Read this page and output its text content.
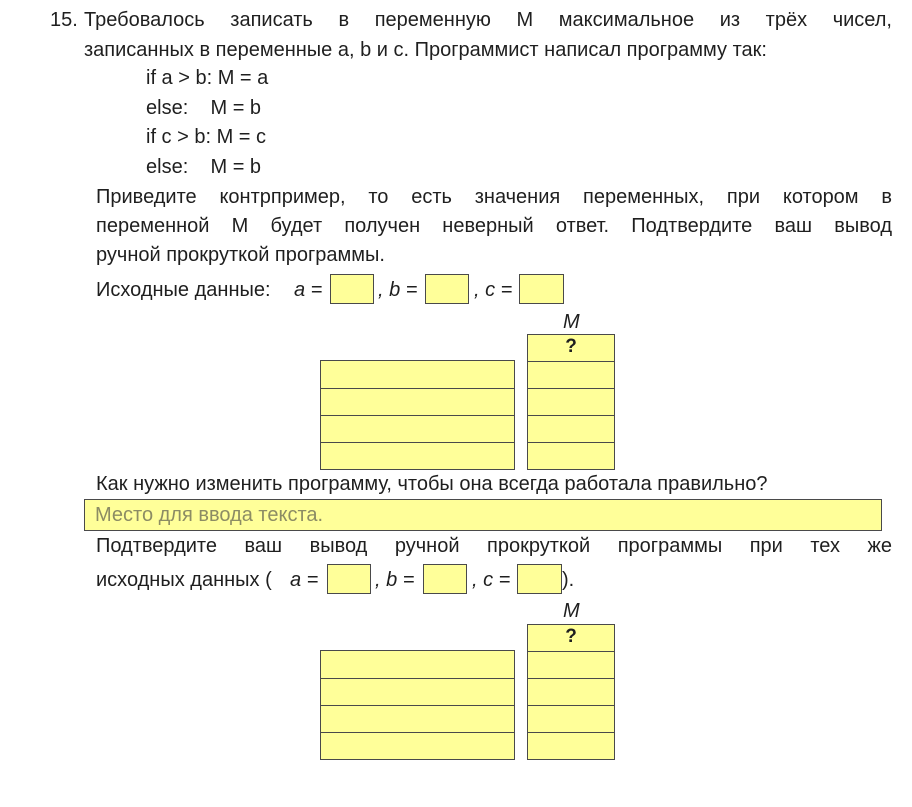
15. Требовалось записать в переменную M максимальное из трёх чисел,
записанных в переменные a, b и c. Программист написал программу так:
if a > b: M = a
else:    M = b
if c > b: M = c
else:    M = b
Приведите контрпример, то есть значения переменных, при котором в
переменной M будет получен неверный ответ. Подтвердите ваш вывод
ручной прокруткой программы.
Исходные данные: a =	, b =	, c =
M
?
Как нужно изменить программу, чтобы она всегда работала правильно?
Место для ввода текста.
Подтвердите ваш вывод ручной прокруткой программы при тех же
исходных данных ( a =	, b =	, c =	).
M
?
